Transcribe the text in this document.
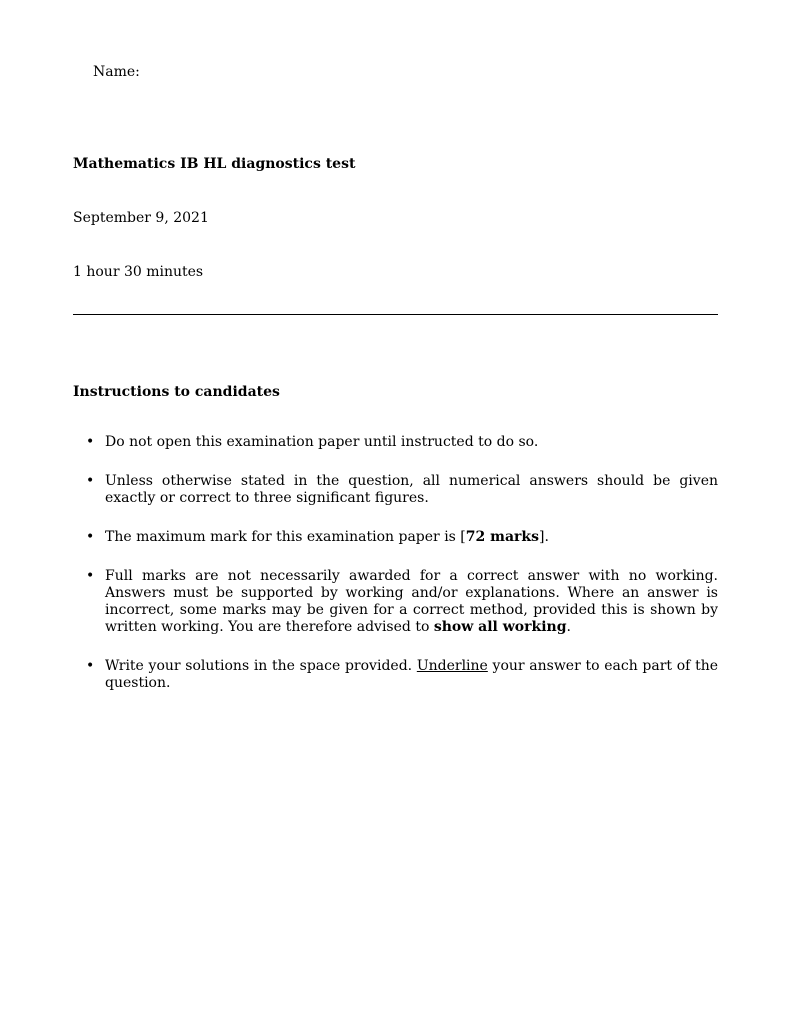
Name:
Mathematics IB HL diagnostics test
September 9, 2021
1 hour 30 minutes
Instructions to candidates
• Do not open this examination paper until instructed to do so.
• Unless otherwise stated in the question, all numerical answers should be given exactly or correct to three significant figures.
• The maximum mark for this examination paper is [72 marks].
• Full marks are not necessarily awarded for a correct answer with no working. Answers must be supported by working and/or explanations. Where an answer is incorrect, some marks may be given for a correct method, provided this is shown by written working. You are therefore advised to show all working.
• Write your solutions in the space provided. Underline your answer to each part of the question.
